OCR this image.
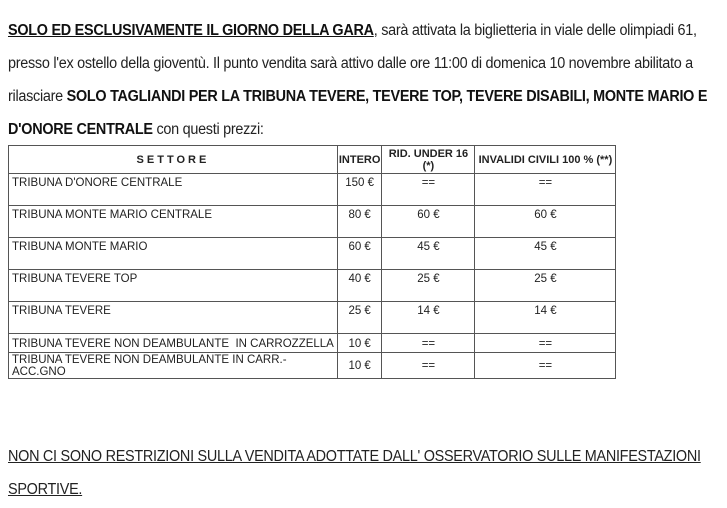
SOLO ED ESCLUSIVAMENTE IL GIORNO DELLA GARA, sarà attivata la biglietteria in viale delle olimpiadi 61, presso l'ex ostello della gioventù. Il punto vendita sarà attivo dalle ore 11:00 di domenica 10 novembre abilitato a rilasciare SOLO TAGLIANDI PER LA TRIBUNA TEVERE, TEVERE TOP, TEVERE DISABILI, MONTE MARIO E D'ONORE CENTRALE con questi prezzi:
SETTORE	INTERO	RID. UNDER 16 (*)	INVALIDI CIVILI 100 % (**)
TRIBUNA D'ONORE CENTRALE	150 €	==	==
TRIBUNA MONTE MARIO CENTRALE	80 €	60 €	60 €
TRIBUNA MONTE MARIO	60 €	45 €	45 €
TRIBUNA TEVERE TOP	40 €	25 €	25 €
TRIBUNA TEVERE	25 €	14 €	14 €
TRIBUNA TEVERE NON DEAMBULANTE  IN CARROZZELLA	10 €	==	==
TRIBUNA TEVERE NON DEAMBULANTE IN CARR.- ACC.GNO	10 €	==	==
NON CI SONO RESTRIZIONI SULLA VENDITA ADOTTATE DALL' OSSERVATORIO SULLE MANIFESTAZIONI SPORTIVE.
